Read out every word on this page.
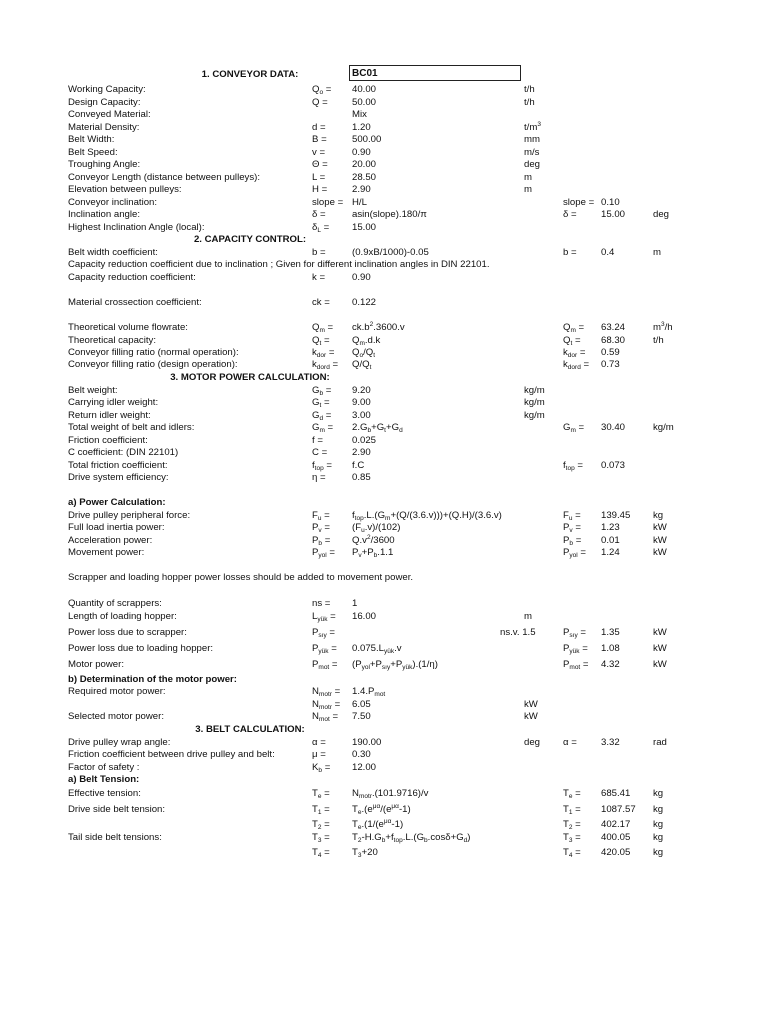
BC01
1. CONVEYOR DATA:
Working Capacity:	$Q_o = 40.00$	t/h
Design Capacity:	Q =	50.00	t/h
Conveyed Material:	Mix
Material Density:	d =	1.20	$t/m^3$
Belt Width:	B =	500.00	mm
Belt Speed:	v =	0.90	m/s
Troughing Angle:	Θ =	20.00	deg
Conveyor Length (distance between pulleys):	L =	28.50	m
Elevation between pulleys:	H =	2.90	m
Conveyor inclination:	slope = H/L	slope = 0.10
Inclination angle:	δ =	asin(slope).180/π	δ =	15.00	deg
Highest Inclination Angle (local):	$\delta_L = 15.00$
2. CAPACITY CONTROL:
Belt width coefficient:	b =	(0.9xB/1000)-0.05	b =	0.4	m
Capacity reduction coefficient due to inclination ; Given for different inclination angles in DIN 22101.
Capacity reduction coefficient:	k =	0.90
Material crossection coefficient:	ck = 0.122
Theoretical volume flowrate:	$Q_m = ck.b^2.3600.v$	$Q_m = 63.24$	$m^3/h$
Theoretical capacity:	$Q_t = Q_m.d.k$	$Q_t = 68.30$	t/h
Conveyor filling ratio (normal operation):	$k_{dor} = Q_o/Q_t$	$k_{dor} = 0.59$
Conveyor filling ratio (design operation):	$k_{dord} = Q/Q_t$	$k_{dord} = 0.73$
3. MOTOR POWER CALCULATION:
Belt weight:	$G_b = 9.20$	kg/m
Carrying idler weight:	$G_t = 9.00$	kg/m
Return idler weight:	$G_d = 3.00$	kg/m
Total weight of belt and idlers:	$G_m = 2.G_b+G_t+G_d$	$G_m = 30.40$	kg/m
Friction coefficient:	f =	0.025
C coefficient: (DIN 22101)	C =	2.90
Total friction coefficient:	$f_{top} = f.C$	$f_{top} = 0.073$
Drive system efficiency:	η =	0.85
a) Power Calculation:
Drive pulley peripheral force:	$F_u = f_{top}.L.(G_m+(Q/(3.6.v)))+(Q.H)/(3.6.v)$	$F_u = 139.45$ kg
Full load inertia power:	$P_v = (F_u.v)/(102)$	$P_v = 1.23$	kW
Acceleration power:	$P_b = Q.v^2/3600$	$P_b = 0.01$	kW
Movement power:	$P_{yol} = P_v+P_b.1.1$	$P_{yol} = 1.24$	kW
Scrapper and loading hopper power losses should be added to movement power.
Quantity of scrappers:	ns = 1
Length of loading hopper:	$L_{yük} = 16.00$	m
Power loss due to scrapper:	$P_{sıy}$ =	ns.v. 1.5	$P_{sıy} = 1.35$	kW
Power loss due to loading hopper:	$P_{yük} = 0.075.L_{yük}.v$	$P_{yük} = 1.08$	kW
Motor power:	$P_{mot} = (P_{yol}+P_{sıy}+P_{yük}).(1/\eta)$	$P_{mot} = 4.32$	kW
b) Determination of the motor power:
Required motor power:	$N_{motr} = 1.4.P_{mot}$
$N_{motr} = 6.05$	kW
Selected motor power:	$N_{mot} = 7.50$	kW
3. BELT CALCULATION:
Drive pulley wrap angle:	α =	190.00	deg α =	3.32	rad
Friction coefficient between drive pulley and belt:	μ =	0.30
Factor of safety :	$K_b = 12.00$
a) Belt Tension:
Effective tension:	$T_e = N_{motr}.(101.9716)/v$	$T_e = 685.41$ kg
Drive side belt tension:	$T_1 = T_e.(e^{\mu\alpha}/(e^{\mu\alpha}-1)$	$T_1 = 1087.57$ kg
$T_2 = T_e.(1/(e^{\mu\alpha}-1)$	$T_2 = 402.17$ kg
Tail side belt tensions:	$T_3 = T_2-H.G_b+f_{top}.L.(G_b.\cos\delta+G_d)$	$T_3 = 400.05$ kg
$T_4 = T_3+20$	$T_4 = 420.05$ kg
